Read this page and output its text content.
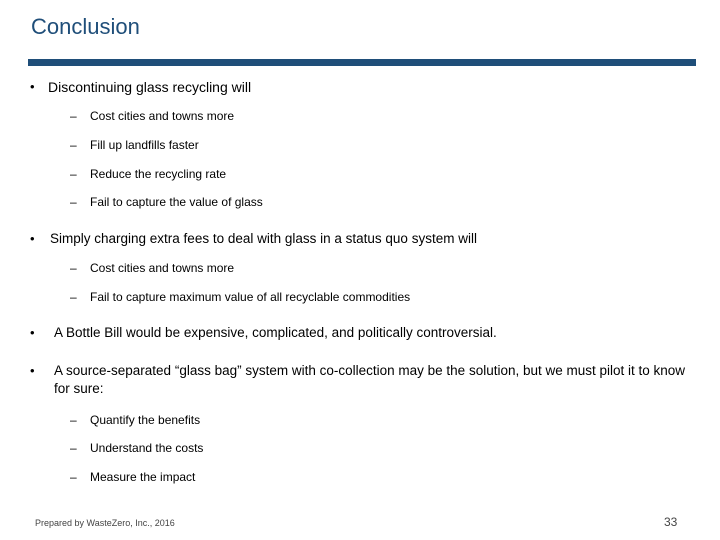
Conclusion
• Discontinuing glass recycling will
– Cost cities and towns more
– Fill up landfills faster
– Reduce the recycling rate
– Fail to capture the value of glass
• Simply charging extra fees to deal with glass in a status quo system will
– Cost cities and towns more
– Fail to capture maximum value of all recyclable commodities
• A Bottle Bill would be expensive, complicated, and politically controversial.
• A source-separated “glass bag” system with co-collection may be the solution, but we must pilot it to know for sure:
– Quantify the benefits
– Understand the costs
– Measure the impact
Prepared by WasteZero, Inc., 2016	33
